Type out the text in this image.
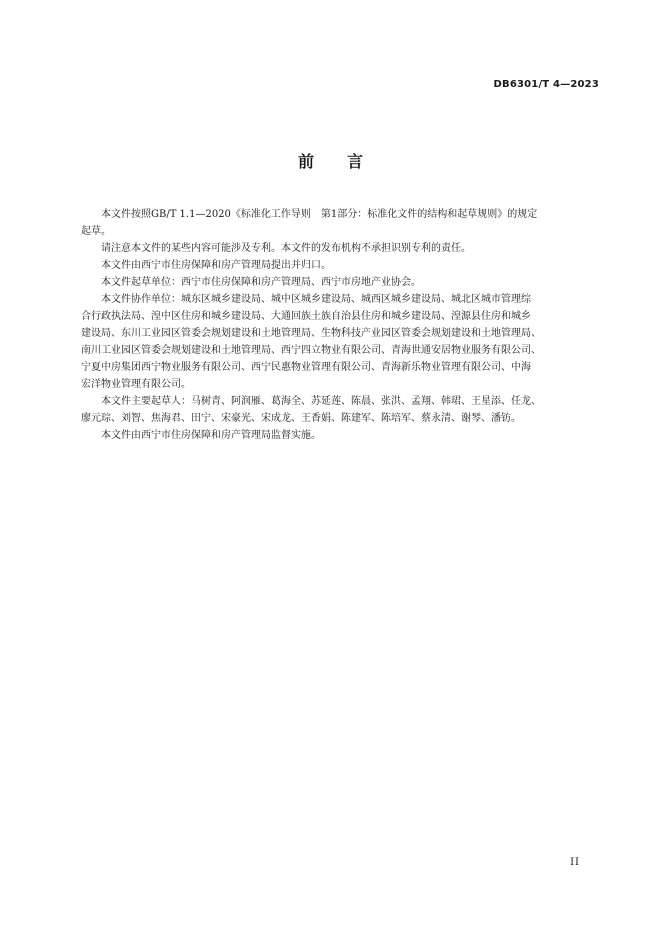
DB6301/T 4—2023
前 言

本文件按照GB/T 1.1—2020《标准化工作导则　第1部分：标准化文件的结构和起草规则》的规定
起草。

请注意本文件的某些内容可能涉及专利。本文件的发布机构不承担识别专利的责任。

本文件由西宁市住房保障和房产管理局提出并归口。

本文件起草单位：西宁市住房保障和房产管理局、西宁市房地产业协会。

本文件协作单位：城东区城乡建设局、城中区城乡建设局、城西区城乡建设局、城北区城市管理综
合行政执法局、湟中区住房和城乡建设局、大通回族土族自治县住房和城乡建设局、湟源县住房和城乡
建设局、东川工业园区管委会规划建设和土地管理局、生物科技产业园区管委会规划建设和土地管理局、
南川工业园区管委会规划建设和土地管理局、西宁四立物业有限公司、青海世通安居物业服务有限公司、
宁夏中房集团西宁物业服务有限公司、西宁民惠物业管理有限公司、青海新乐物业管理有限公司、中海
宏洋物业管理有限公司。

本文件主要起草人：马树青、阿润雁、葛海全、苏延莲、陈晨、张洪、孟翔、韩珺、王星添、任龙、
廖元琮、刘智、焦海君、田宁、宋豪光、宋成龙、王香娟、陈建军、陈培军、蔡永清、谢琴、潘钫。

本文件由西宁市住房保障和房产管理局监督实施。

II
